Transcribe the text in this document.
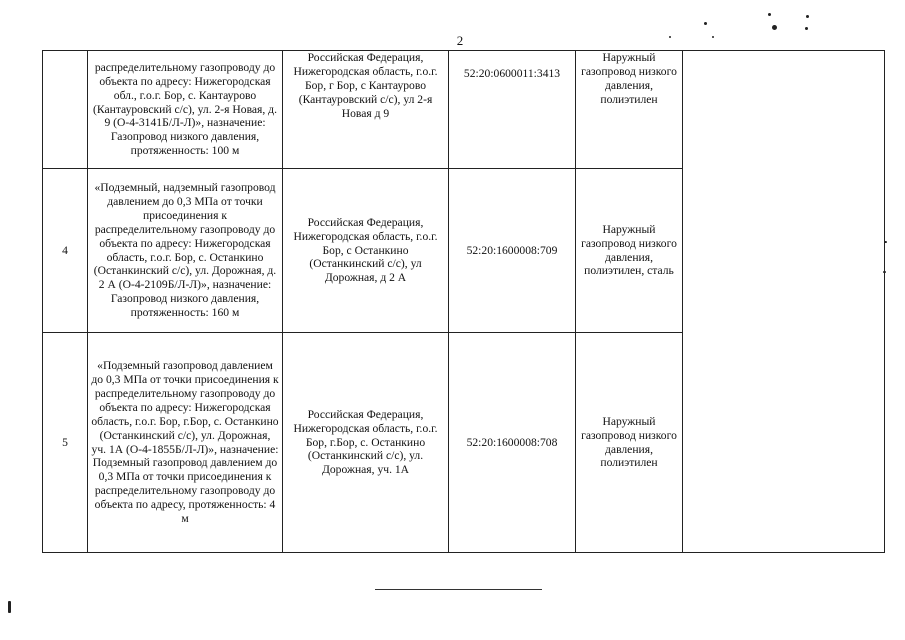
2
	распределительному газопроводу до объекта по адресу: Нижегородская обл., г.о.г. Бор, с. Кантаурово (Кантауровский с/с), ул. 2-я Новая, д. 9 (О-4-3141Б/Л-Л)», назначение: Газопровод низкого давления, протяженность: 100 м	Российская Федерация, Нижегородская область, г.о.г. Бор, г Бор, с Кантаурово (Кантауровский с/с), ул 2-я Новая д 9	52:20:0600011:3413	Наружный газопровод низкого давления, полиэтилен	
4	«Подземный, надземный газопровод давлением до 0,3 МПа от точки присоединения к распределительному газопроводу до объекта по адресу: Нижегородская область, г.о.г. Бор, с. Останкино (Останкинский с/с), ул. Дорожная, д. 2 А (О-4-2109Б/Л-Л)», назначение: Газопровод низкого давления, протяженность: 160 м	Российская Федерация, Нижегородская область, г.о.г. Бор, с Останкино (Останкинский с/с), ул Дорожная, д 2 А	52:20:1600008:709	Наружный газопровод низкого давления, полиэтилен, сталь	
5	«Подземный газопровод давлением до 0,3 МПа от точки присоединения к распределительному газопроводу до объекта по адресу: Нижегородская область, г.о.г. Бор, г.Бор, с. Останкино (Останкинский с/с), ул. Дорожная, уч. 1А (О-4-1855Б/Л-Л)», назначение: Подземный газопровод давлением до 0,3 МПа от точки присоединения к распределительному газопроводу до объекта по адресу, протяженность: 4 м	Российская Федерация, Нижегородская область, г.о.г. Бор, г.Бор, с. Останкино (Останкинский с/с), ул. Дорожная, уч. 1А	52:20:1600008:708	Наружный газопровод низкого давления, полиэтилен	
